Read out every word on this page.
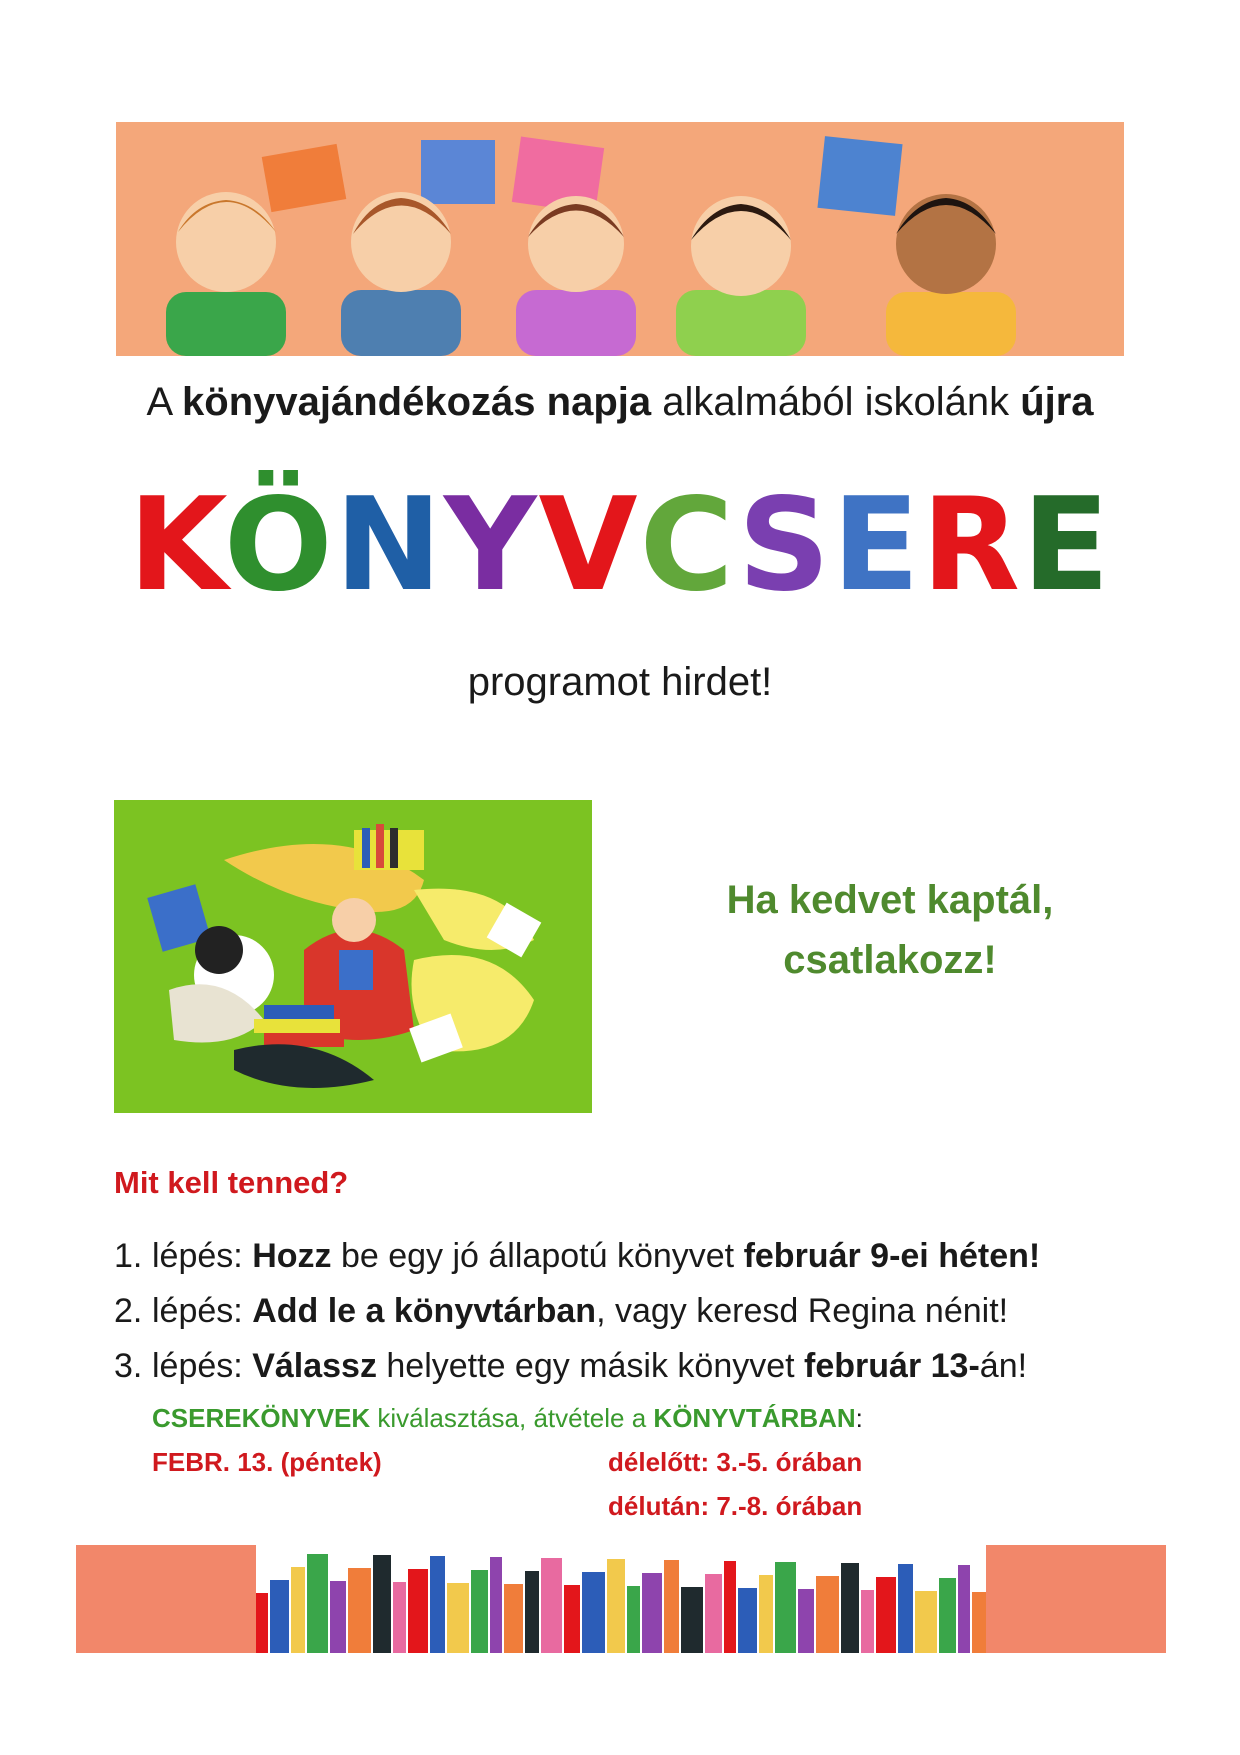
A könyvajándékozás napja alkalmából iskolánk újra
KÖNYVCSERE
programot hirdet!
Ha kedvet kaptál,
csatlakozz!
Mit kell tenned?
1. lépés: Hozz be egy jó állapotú könyvet február 9-ei héten!
2. lépés: Add le a könyvtárban, vagy keresd Regina nénit!
3. lépés: Válassz helyette egy másik könyvet február 13-án!
CSEREKÖNYVEK kiválasztása, átvétele a KÖNYVTÁRBAN:
FEBR. 13. (péntek)	délelőtt: 3.-5. órában
délután: 7.-8. órában
